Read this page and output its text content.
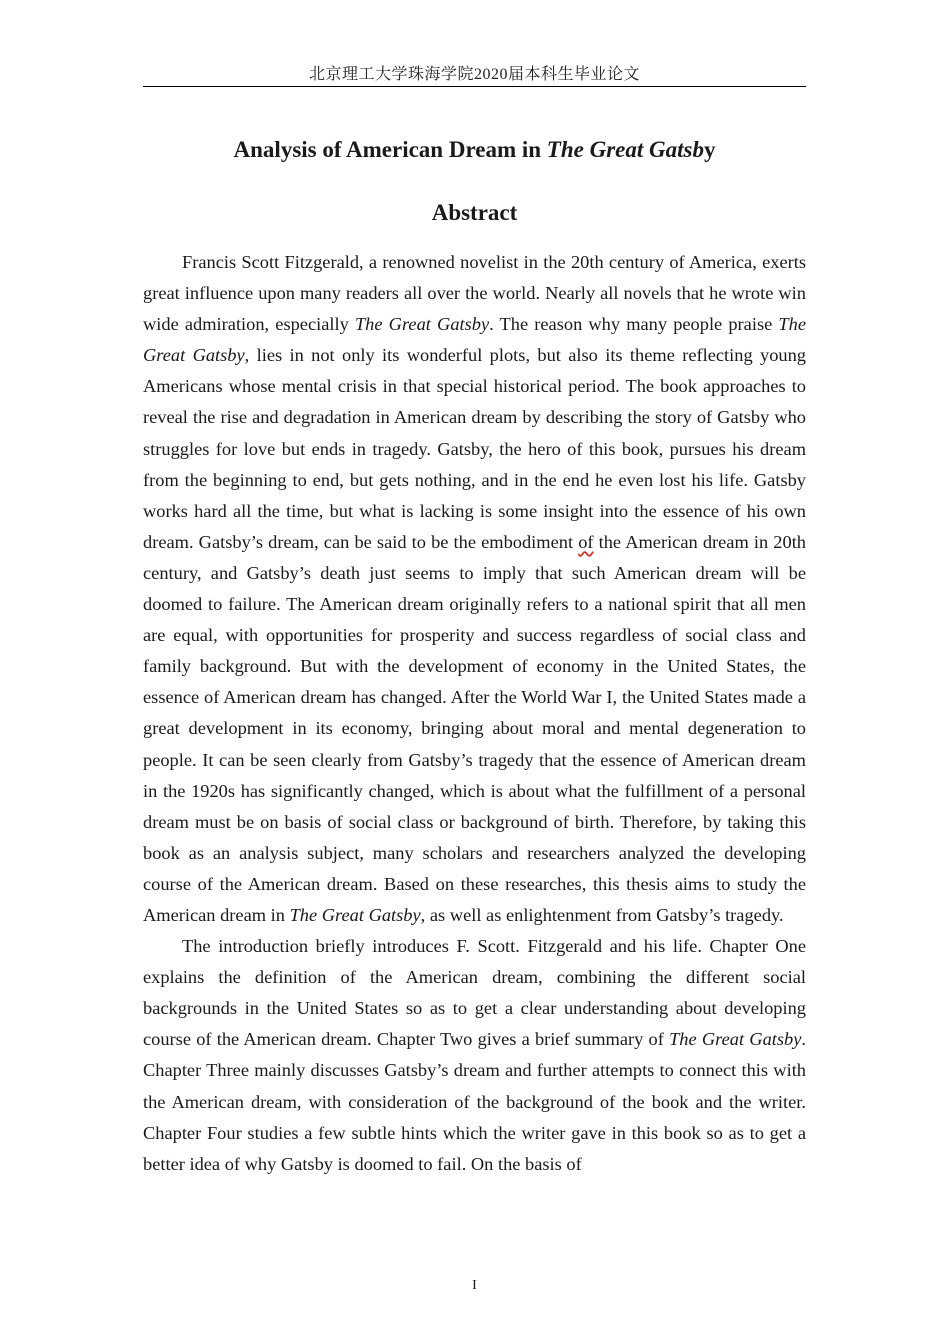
北京理工大学珠海学院2020届本科生毕业论文
Analysis of American Dream in The Great Gatsby
Abstract

Francis Scott Fitzgerald, a renowned novelist in the 20th century of America, exerts great influence upon many readers all over the world. Nearly all novels that he wrote win wide admiration, especially The Great Gatsby. The reason why many people praise The Great Gatsby, lies in not only its wonderful plots, but also its theme reflecting young Americans whose mental crisis in that special historical period. The book approaches to reveal the rise and degradation in American dream by describing the story of Gatsby who struggles for love but ends in tragedy. Gatsby, the hero of this book, pursues his dream from the beginning to end, but gets nothing, and in the end he even lost his life. Gatsby works hard all the time, but what is lacking is some insight into the essence of his own dream. Gatsby’s dream, can be said to be the embodiment of the American dream in 20th century, and Gatsby’s death just seems to imply that such American dream will be doomed to failure. The American dream originally refers to a national spirit that all men are equal, with opportunities for prosperity and success regardless of social class and family background. But with the development of economy in the United States, the essence of American dream has changed. After the World War I, the United States made a great development in its economy, bringing about moral and mental degeneration to people. It can be seen clearly from Gatsby’s tragedy that the essence of American dream in the 1920s has significantly changed, which is about what the fulfillment of a personal dream must be on basis of social class or background of birth. Therefore, by taking this book as an analysis subject, many scholars and researchers analyzed the developing course of the American dream. Based on these researches, this thesis aims to study the American dream in The Great Gatsby, as well as enlightenment from Gatsby’s tragedy.

The introduction briefly introduces F. Scott. Fitzgerald and his life. Chapter One explains the definition of the American dream, combining the different social backgrounds in the United States so as to get a clear understanding about developing course of the American dream. Chapter Two gives a brief summary of The Great Gatsby. Chapter Three mainly discusses Gatsby’s dream and further attempts to connect this with the American dream, with consideration of the background of the book and the writer. Chapter Four studies a few subtle hints which the writer gave in this book so as to get a better idea of why Gatsby is doomed to fail. On the basis of

I
